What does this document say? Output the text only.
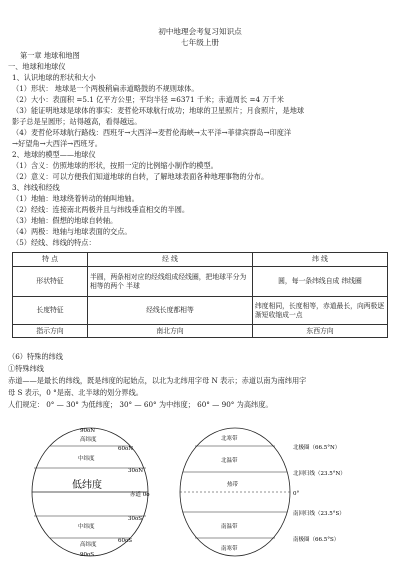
初中地理会考复习知识点
七年级上册
第一章 地球和地图
一、地球和地球仪
1、认识地球的形状和大小
（1）形状： 地球是一个两极稍扁赤道略鼓的不规则球体。
（2）大小：表面积 =5.1 亿平方公里；平均半径 =6371 千米；赤道周长 =4 万千米
（3）能证明地球是球体的事实：麦哲伦环球航行成功；地球的卫星照片；月食照片，是地球
影子总是呈圆形；站得越高，看得越远。
（4）麦哲伦环球航行路线：西班牙→大西洋→麦哲伦海峡→太平洋→菲律宾群岛→印度洋
→好望角→大西洋→西班牙。
2、地球的模型——地球仪
（1）含义：仿照地球的形状，按照一定的比例缩小制作的模型。
（2）意义：可以方便我们知道地球的自转，了解地球表面各种地理事物的分布。
3、纬线和经线
（1）地轴：地球绕着转动的轴叫地轴。
（2）经线：连接南北两极并且与纬线垂直相交的半圆。
（3）地轴：假想的地球自转轴。
（4）两极：地轴与地球表面的交点。
（5）经线、纬线的特点：
特 点	经 线	纬 线
形状特征	半圆，两条相对应的经线组成经线圈，把地球平分为相等的两个 半球	圆，每一条纬线自成 纬线圈
长度特征	经线长度都相等	纬度相同，长度相等，赤道最长，向两极逐渐短收缩成一点
指示方向	南北方向	东西方向
（6）特殊的纬线
①特殊纬线
赤道——是最长的纬线，既是纬度的起始点，以北为北纬用字母 N 表示；赤道以南为南纬用字
母 S 表示，0 °是南、北半球的划分界线。
人们规定： 0° — 30° 为低纬度； 30° — 60° 为中纬度； 60° — 90° 为高纬度。
90oN
高纬度
60oN
中纬度
30oN
低纬度
赤道 0o
30oS
中纬度
60oS
高纬度
90oS
北寒带
北温带
热带
南温带
南寒带
北极圈（66.5°N）
北回归线（23.5°N）
0°
南回归线（23.5°S）
南极圈（66.5°S）
